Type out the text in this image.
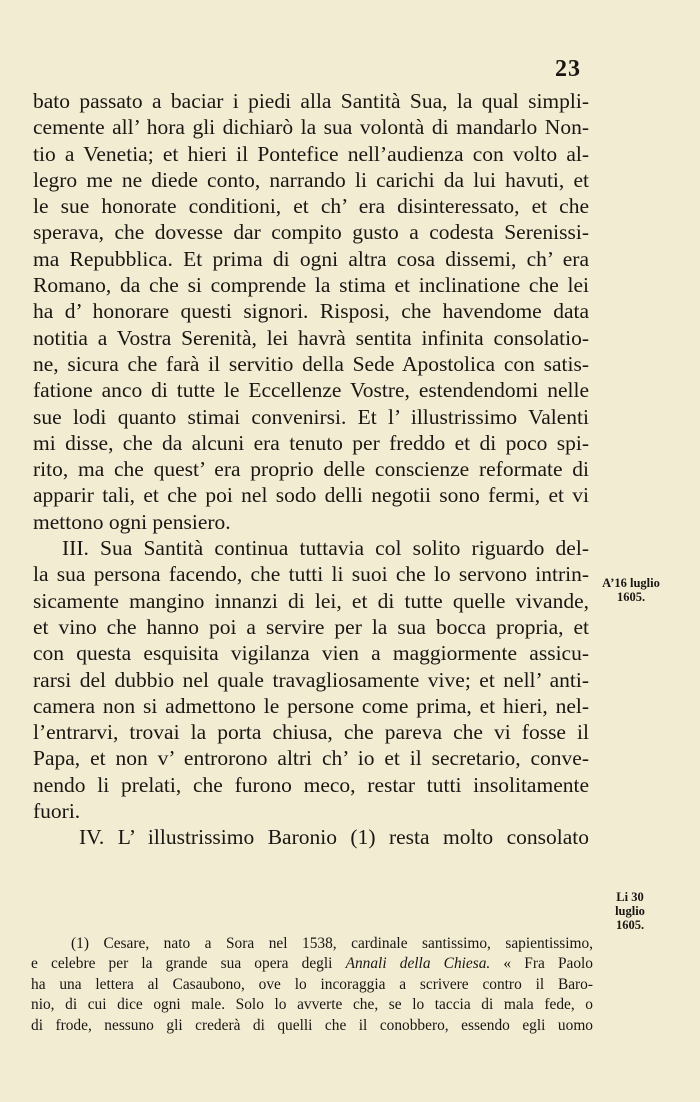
23
bato passato a baciar i piedi alla Santità Sua, la qual simpli-
cemente all’ hora gli dichiarò la sua volontà di mandarlo Non-
tio a Venetia; et hieri il Pontefice nell’audienza con volto al-
legro me ne diede conto, narrando li carichi da lui havuti, et
le sue honorate conditioni, et ch’ era disinteressato, et che
sperava, che dovesse dar compito gusto a codesta Serenissi-
ma Repubblica. Et prima di ogni altra cosa dissemi, ch’ era
Romano, da che si comprende la stima et inclinatione che lei
ha d’ honorare questi signori. Risposi, che havendome data
notitia a Vostra Serenità, lei havrà sentita infinita consolatio-
ne, sicura che farà il servitio della Sede Apostolica con satis-
fatione anco di tutte le Eccellenze Vostre, estendendomi nelle
sue lodi quanto stimai convenirsi. Et l’ illustrissimo Valenti
mi disse, che da alcuni era tenuto per freddo et di poco spi-
rito, ma che quest’ era proprio delle conscienze reformate di
apparir tali, et che poi nel sodo delli negotii sono fermi, et vi
mettono ogni pensiero.
III. Sua Santità continua tuttavia col solito riguardo del-
la sua persona facendo, che tutti li suoi che lo servono intrin-
sicamente mangino innanzi di lei, et di tutte quelle vivande,
et vino che hanno poi a servire per la sua bocca propria, et
con questa esquisita vigilanza vien a maggiormente assicu-
rarsi del dubbio nel quale travagliosamente vive; et nell’ anti-
camera non si admettono le persone come prima, et hieri, nel-
l’entrarvi, trovai la porta chiusa, che pareva che vi fosse il
Papa, et non v’ entrorono altri ch’ io et il secretario, conve-
nendo li prelati, che furono meco, restar tutti insolitamente
fuori.
IV. L’ illustrissimo Baronio (1) resta molto consolato
A’16 luglio
1605.
Li 30
luglio
1605.
(1) Cesare, nato a Sora nel 1538, cardinale santissimo, sapientissimo,
e celebre per la grande sua opera degli Annali della Chiesa. « Fra Paolo
ha una lettera al Casaubono, ove lo incoraggia a scrivere contro il Baro-
nio, di cui dice ogni male. Solo lo avverte che, se lo taccia di mala fede, o
di frode, nessuno gli crederà di quelli che il conobbero, essendo egli uomo
